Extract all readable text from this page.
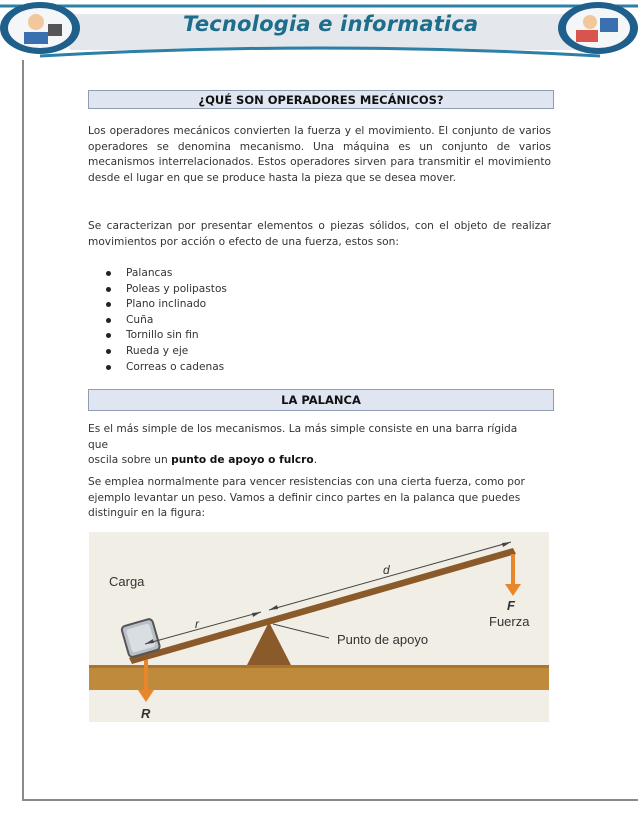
Tecnologia e informatica
¿QUÉ SON OPERADORES MECÁNICOS?
Los operadores mecánicos convierten la fuerza y el movimiento. El conjunto de varios operadores se denomina mecanismo. Una máquina es un conjunto de varios mecanismos interrelacionados. Estos operadores sirven para transmitir el movimiento desde el lugar en que se produce hasta la pieza que se desea mover.
Se caracterizan por presentar elementos o piezas sólidos, con el objeto de realizar movimientos por acción o efecto de una fuerza, estos son:
Palancas
Poleas y polipastos
Plano inclinado
Cuña
Tornillo sin fin
Rueda y eje
Correas o cadenas
LA PALANCA
Es el más simple de los mecanismos. La más simple consiste en una barra rígida
que
oscila sobre un punto de apoyo o fulcro.
Se emplea normalmente para vencer resistencias con una cierta fuerza, como por ejemplo levantar un peso. Vamos a definir cinco partes en la palanca que puedes distinguir en la figura:
Carga
r
d
F
Fuerza
Punto de apoyo
R
